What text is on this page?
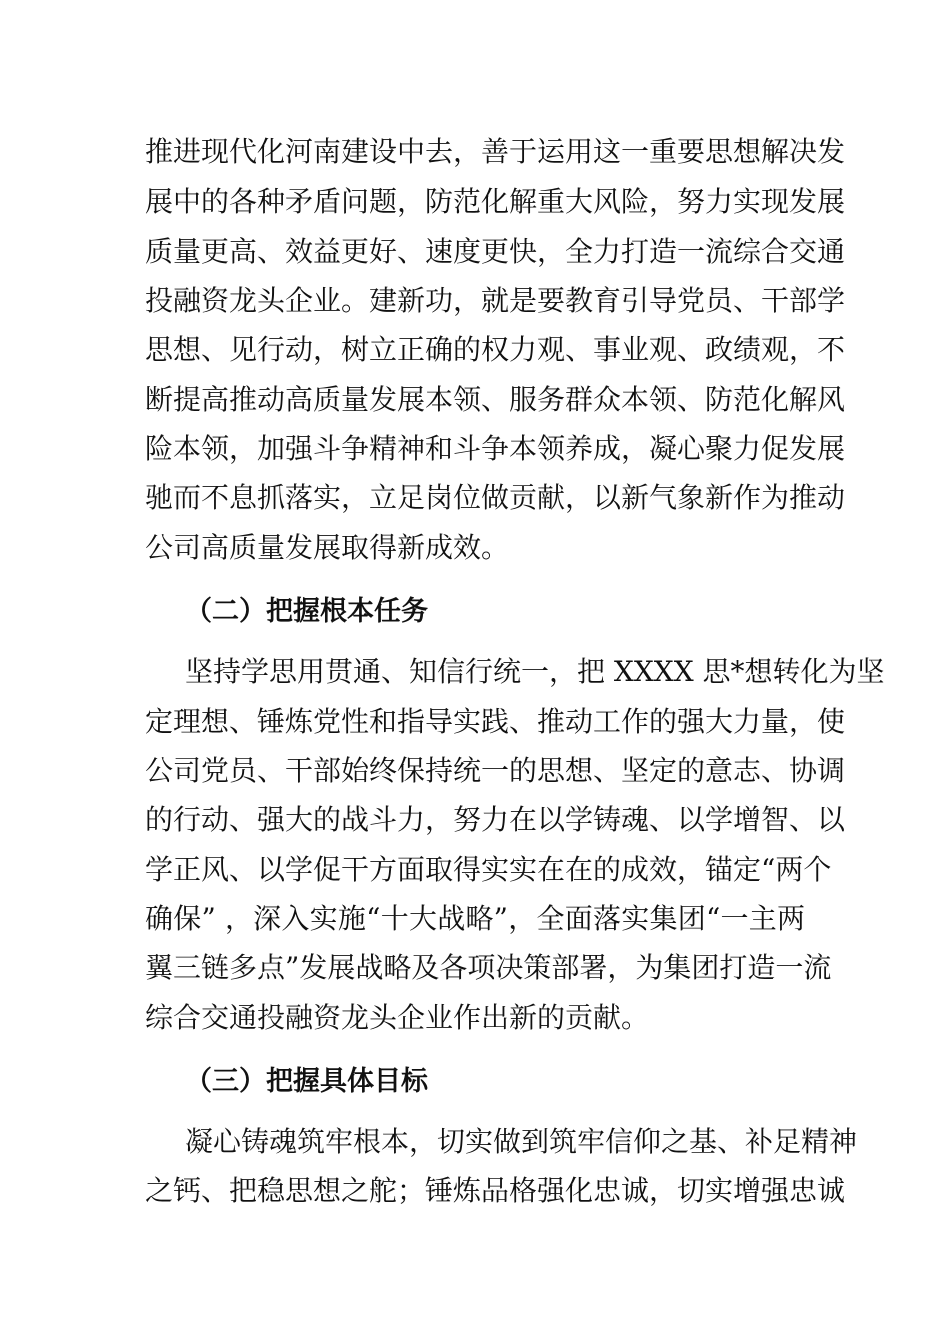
推进现代化河南建设中去，善于运用这一重要思想解决发
展中的各种矛盾问题，防范化解重大风险，努力实现发展
质量更高、效益更好、速度更快，全力打造一流综合交通
投融资龙头企业。建新功，就是要教育引导党员、干部学
思想、见行动，树立正确的权力观、事业观、政绩观，不
断提高推动高质量发展本领、服务群众本领、防范化解风
险本领，加强斗争精神和斗争本领养成，凝心聚力促发展
驰而不息抓落实，立足岗位做贡献，以新气象新作为推动
公司高质量发展取得新成效。
（二）把握根本任务
坚持学思用贯通、知信行统一，把 XXXX 思*想转化为坚
定理想、锤炼党性和指导实践、推动工作的强大力量，使
公司党员、干部始终保持统一的思想、坚定的意志、协调
的行动、强大的战斗力，努力在以学铸魂、以学增智、以
学正风、以学促干方面取得实实在在的成效，锚定“两个
确保” ，深入实施“十大战略”，全面落实集团“一主两
翼三链多点”发展战略及各项决策部署，为集团打造一流
综合交通投融资龙头企业作出新的贡献。
（三）把握具体目标
凝心铸魂筑牢根本，切实做到筑牢信仰之基、补足精神
之钙、把稳思想之舵；锤炼品格强化忠诚，切实增强忠诚
